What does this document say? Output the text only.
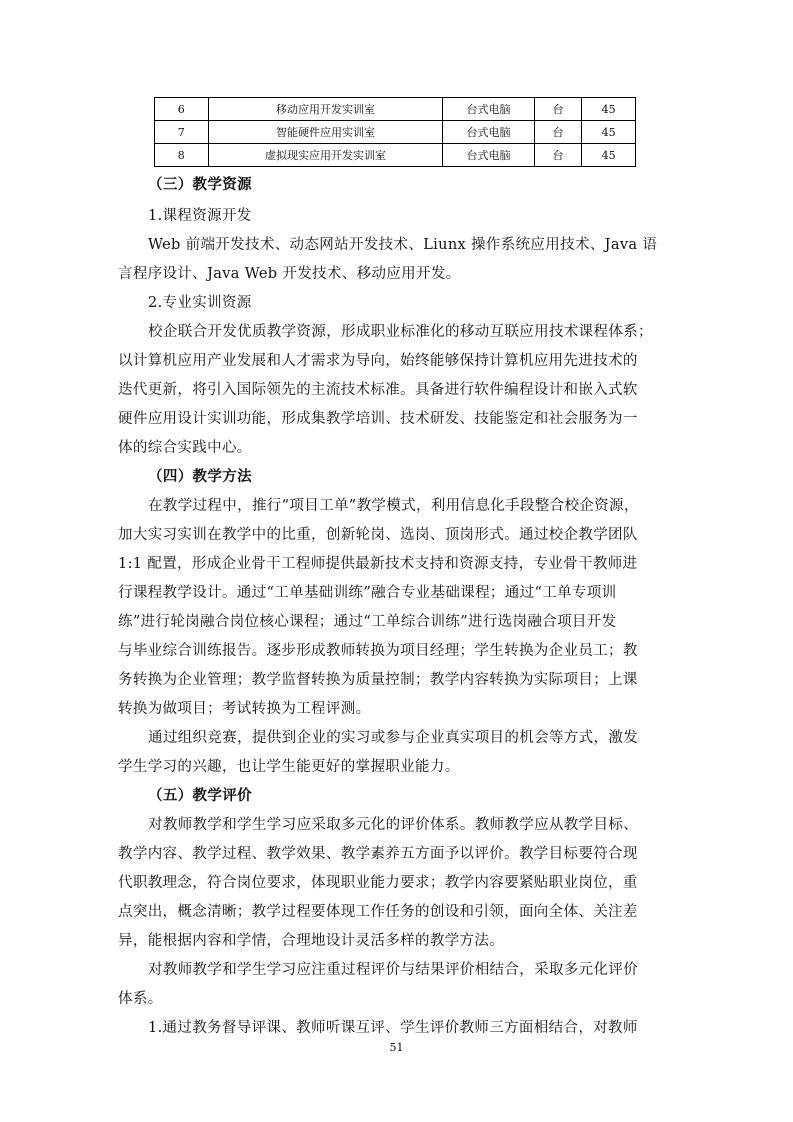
6	移动应用开发实训室	台式电脑	台	45
7	智能硬件应用实训室	台式电脑	台	45
8	虚拟现实应用开发实训室	台式电脑	台	45
（三）教学资源
1.课程资源开发
Web 前端开发技术、动态网站开发技术、Liunx 操作系统应用技术、Java 语
言程序设计、Java Web 开发技术、移动应用开发。
2.专业实训资源
校企联合开发优质教学资源，形成职业标准化的移动互联应用技术课程体系；
以计算机应用产业发展和人才需求为导向，始终能够保持计算机应用先进技术的
迭代更新，将引入国际领先的主流技术标准。具备进行软件编程设计和嵌入式软
硬件应用设计实训功能，形成集教学培训、技术研发、技能鉴定和社会服务为一
体的综合实践中心。
（四）教学方法
在教学过程中，推行“项目工单”教学模式，利用信息化手段整合校企资源，
加大实习实训在教学中的比重，创新轮岗、选岗、顶岗形式。通过校企教学团队
1:1 配置，形成企业骨干工程师提供最新技术支持和资源支持，专业骨干教师进
行课程教学设计。通过“工单基础训练”融合专业基础课程；通过“工单专项训
练”进行轮岗融合岗位核心课程；通过“工单综合训练”进行选岗融合项目开发
与毕业综合训练报告。逐步形成教师转换为项目经理；学生转换为企业员工；教
务转换为企业管理；教学监督转换为质量控制；教学内容转换为实际项目；上课
转换为做项目；考试转换为工程评测。
通过组织竞赛，提供到企业的实习或参与企业真实项目的机会等方式，激发
学生学习的兴趣，也让学生能更好的掌握职业能力。
（五）教学评价
对教师教学和学生学习应采取多元化的评价体系。教师教学应从教学目标、
教学内容、教学过程、教学效果、教学素养五方面予以评价。教学目标要符合现
代职教理念，符合岗位要求，体现职业能力要求；教学内容要紧贴职业岗位，重
点突出，概念清晰；教学过程要体现工作任务的创设和引领，面向全体、关注差
异，能根据内容和学情，合理地设计灵活多样的教学方法。
对教师教学和学生学习应注重过程评价与结果评价相结合，采取多元化评价
体系。
1.通过教务督导评课、教师听课互评、学生评价教师三方面相结合，对教师
51
